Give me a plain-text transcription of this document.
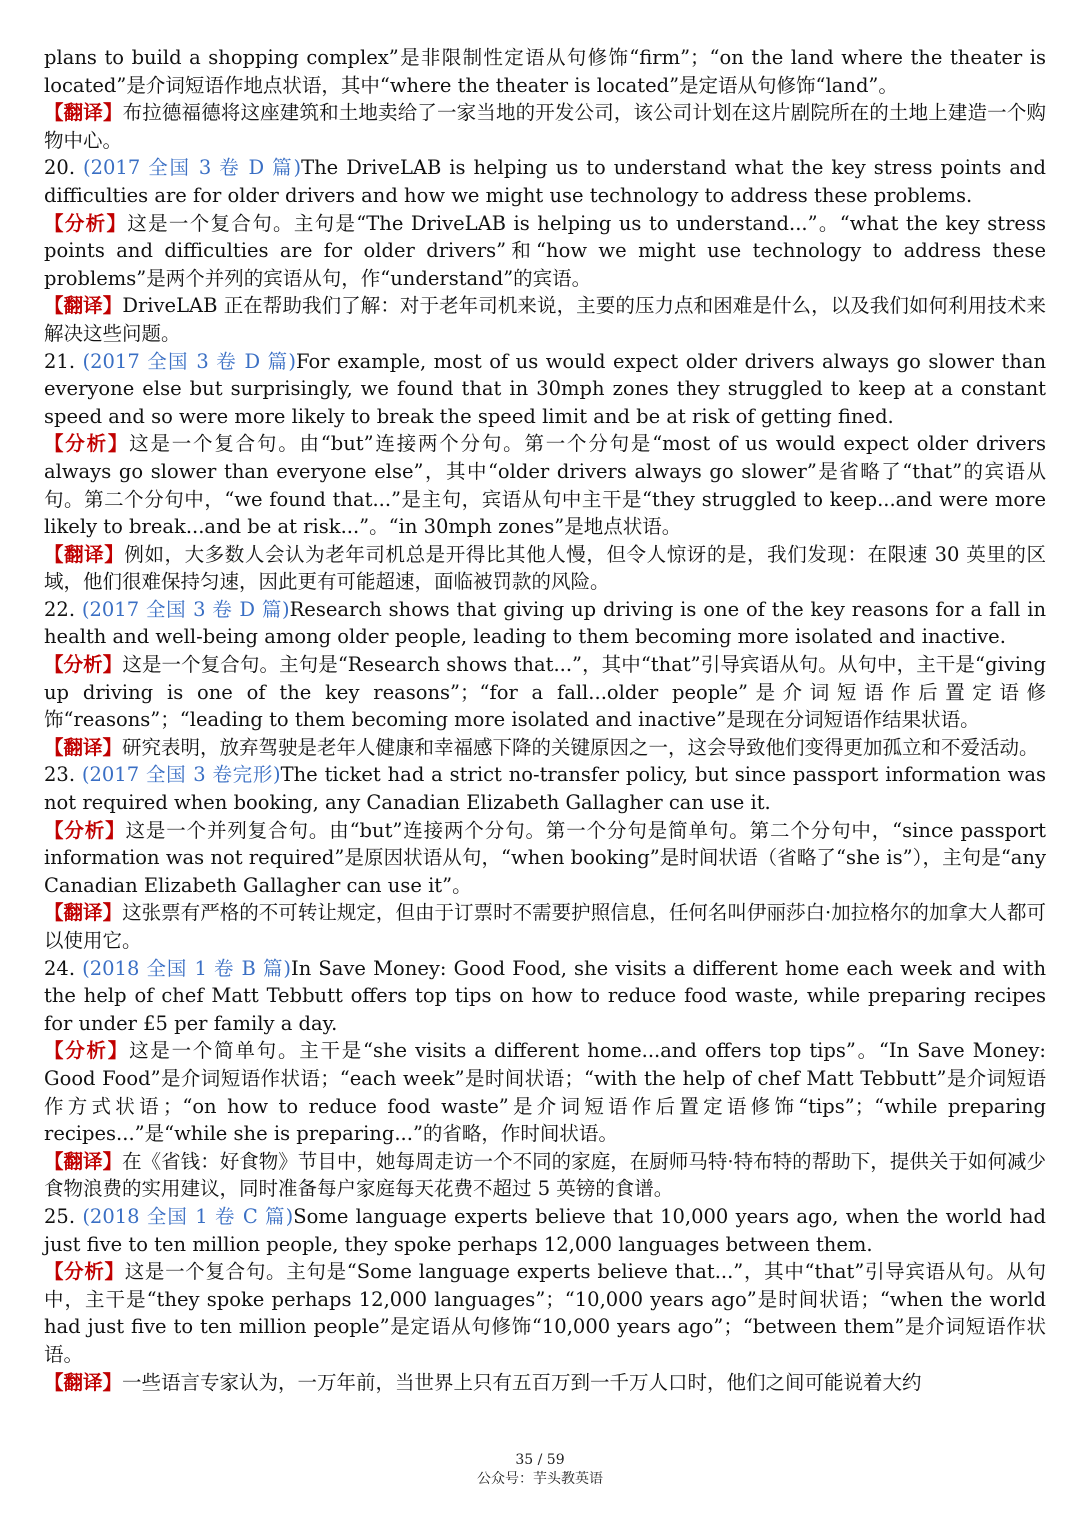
plans to build a shopping complex”是非限制性定语从句修饰“firm”；“on the land where the theater is located”是介词短语作地点状语，其中“where the theater is located”是定语从句修饰“land”。

【翻译】布拉德福德将这座建筑和土地卖给了一家当地的开发公司，该公司计划在这片剧院所在的土地上建造一个购物中心。

20. (2017 全国 3 卷 D 篇)The DriveLAB is helping us to understand what the key stress points and difficulties are for older drivers and how we might use technology to address these problems.

【分析】这是一个复合句。主句是“The DriveLAB is helping us to understand...”。“what the key stress points and difficulties are for older drivers”和“how we might use technology to address these problems”是两个并列的宾语从句，作“understand”的宾语。

【翻译】DriveLAB 正在帮助我们了解：对于老年司机来说，主要的压力点和困难是什么，以及我们如何利用技术来解决这些问题。

21. (2017 全国 3 卷 D 篇)For example, most of us would expect older drivers always go slower than everyone else but surprisingly, we found that in 30mph zones they struggled to keep at a constant speed and so were more likely to break the speed limit and be at risk of getting fined.

【分析】这是一个复合句。由“but”连接两个分句。第一个分句是“most of us would expect older drivers always go slower than everyone else”，其中“older drivers always go slower”是省略了“that”的宾语从句。第二个分句中，“we found that...”是主句，宾语从句中主干是“they struggled to keep...and were more likely to break...and be at risk...”。“in 30mph zones”是地点状语。

【翻译】例如，大多数人会认为老年司机总是开得比其他人慢，但令人惊讶的是，我们发现：在限速 30 英里的区域，他们很难保持匀速，因此更有可能超速，面临被罚款的风险。

22. (2017 全国 3 卷 D 篇)Research shows that giving up driving is one of the key reasons for a fall in health and well-being among older people, leading to them becoming more isolated and inactive.

【分析】这是一个复合句。主句是“Research shows that...”，其中“that”引导宾语从句。从句中，主干是“giving up driving is one of the key reasons”；“for a fall...older people”是介词短语作后置定语修饰“reasons”；“leading to them becoming more isolated and inactive”是现在分词短语作结果状语。

【翻译】研究表明，放弃驾驶是老年人健康和幸福感下降的关键原因之一，这会导致他们变得更加孤立和不爱活动。

23. (2017 全国 3 卷完形)The ticket had a strict no-transfer policy, but since passport information was not required when booking, any Canadian Elizabeth Gallagher can use it.

【分析】这是一个并列复合句。由“but”连接两个分句。第一个分句是简单句。第二个分句中，“since passport information was not required”是原因状语从句，“when booking”是时间状语（省略了“she is”），主句是“any Canadian Elizabeth Gallagher can use it”。

【翻译】这张票有严格的不可转让规定，但由于订票时不需要护照信息，任何名叫伊丽莎白·加拉格尔的加拿大人都可以使用它。

24. (2018 全国 1 卷 B 篇)In Save Money: Good Food, she visits a different home each week and with the help of chef Matt Tebbutt offers top tips on how to reduce food waste, while preparing recipes for under £5 per family a day.

【分析】这是一个简单句。主干是“she visits a different home...and offers top tips”。“In Save Money: Good Food”是介词短语作状语；“each week”是时间状语；“with the help of chef Matt Tebbutt”是介词短语作方式状语；“on how to reduce food waste”是介词短语作后置定语修饰“tips”；“while preparing recipes...”是“while she is preparing...”的省略，作时间状语。

【翻译】在《省钱：好食物》节目中，她每周走访一个不同的家庭，在厨师马特·特布特的帮助下，提供关于如何减少食物浪费的实用建议，同时准备每户家庭每天花费不超过 5 英镑的食谱。

25. (2018 全国 1 卷 C 篇)Some language experts believe that 10,000 years ago, when the world had just five to ten million people, they spoke perhaps 12,000 languages between them.

【分析】这是一个复合句。主句是“Some language experts believe that...”，其中“that”引导宾语从句。从句中，主干是“they spoke perhaps 12,000 languages”；“10,000 years ago”是时间状语；“when the world had just five to ten million people”是定语从句修饰“10,000 years ago”；“between them”是介词短语作状语。

【翻译】一些语言专家认为，一万年前，当世界上只有五百万到一千万人口时，他们之间可能说着大约

35 / 59
公众号：芋头教英语
